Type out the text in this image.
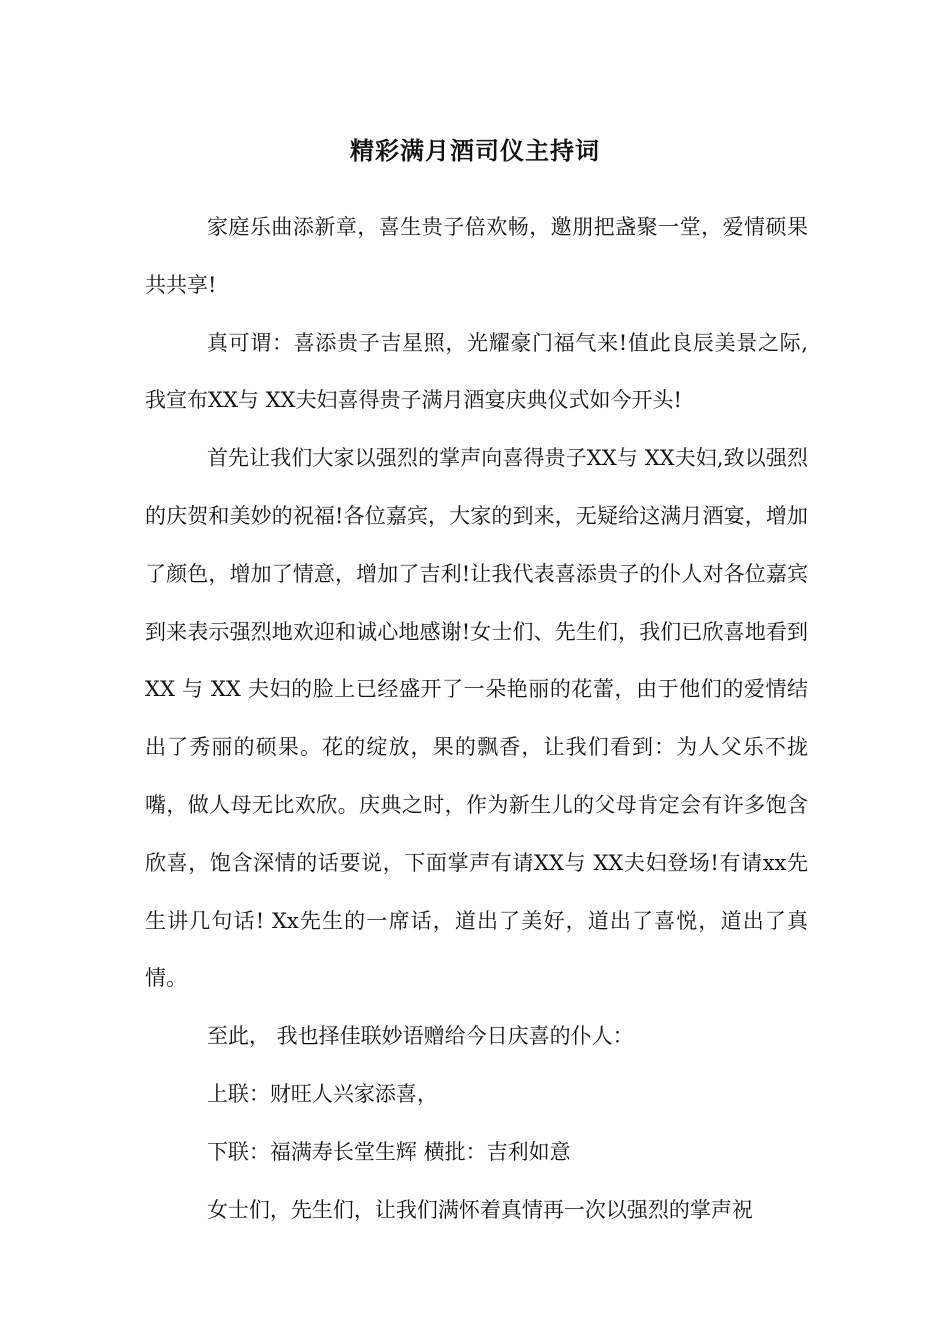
精彩满月酒司仪主持词

家庭乐曲添新章，喜生贵子倍欢畅，邀朋把盏聚一堂，爱情硕果共共享!

真可谓：喜添贵子吉星照，光耀豪门福气来!值此良辰美景之际,我宣布XX与 XX夫妇喜得贵子满月酒宴庆典仪式如今开头!

首先让我们大家以强烈的掌声向喜得贵子XX与 XX夫妇,致以强烈的庆贺和美妙的祝福!各位嘉宾，大家的到来，无疑给这满月酒宴，增加了颜色，增加了情意，增加了吉利!让我代表喜添贵子的仆人对各位嘉宾到来表示强烈地欢迎和诚心地感谢!女士们、先生们，我们已欣喜地看到XX 与 XX 夫妇的脸上已经盛开了一朵艳丽的花蕾，由于他们的爱情结出了秀丽的硕果。花的绽放，果的飘香，让我们看到：为人父乐不拢嘴，做人母无比欢欣。庆典之时，作为新生儿的父母肯定会有许多饱含欣喜，饱含深情的话要说，下面掌声有请XX与 XX夫妇登场!有请xx先生讲几句话! Xx先生的一席话，道出了美好，道出了喜悦，道出了真情。

至此， 我也择佳联妙语赠给今日庆喜的仆人：

上联：财旺人兴家添喜，

下联：福满寿长堂生辉 横批：吉利如意

女士们，先生们，让我们满怀着真情再一次以强烈的掌声祝
